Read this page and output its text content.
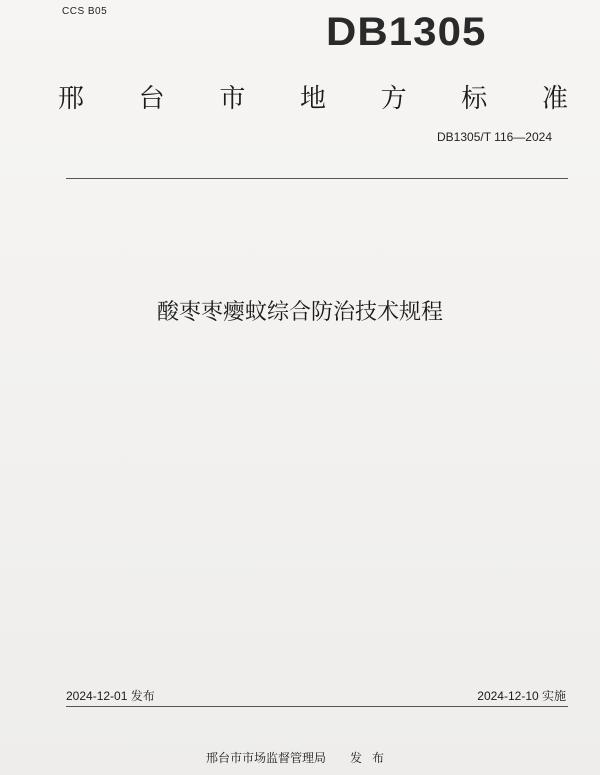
CCS B05	DB1305
邢 台 市 地 方 标 准
DB1305/T 116—2024
酸枣枣瘿蚊综合防治技术规程
2024-12-01 发布	2024-12-10 实施
邢台市市场监督管理局 发布
